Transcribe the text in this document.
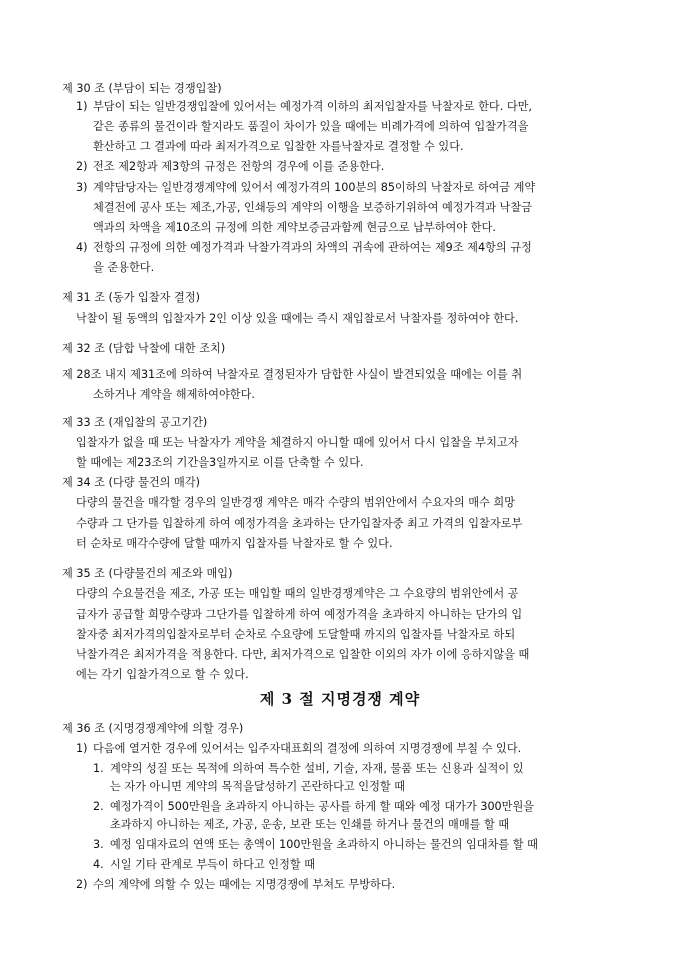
제 30 조 (부담이 되는 경쟁입찰)
1) 부담이 되는 일반경쟁입찰에 있어서는 예정가격 이하의 최저입찰자를 낙찰자로 한다. 다만,
같은 종류의 물건이라 할지라도 품질이 차이가 있을 때에는 비례가격에 의하여 입찰가격을
환산하고 그 결과에 따라 최저가격으로 입찰한 자를낙찰자로 결정할 수 있다.
2) 전조 제2항과 제3항의 규정은 전항의 경우에 이를 준용한다.
3) 계약담당자는 일반경쟁계약에 있어서 예정가격의 100분의 85이하의 낙찰자로 하여금 계약
체결전에 공사 또는 제조,가공, 인쇄등의 계약의 이행을 보증하기위하여 예정가격과 낙찰금
액과의 차액을 제10조의 규정에 의한 계약보증금과함께 현금으로 납부하여야 한다.
4) 전항의 규정에 의한 예정가격과 낙찰가격과의 차액의 귀속에 관하여는 제9조 제4항의 규정
을 준용한다.
제 31 조 (동가 입찰자 결정)
낙찰이 될 동액의 입찰자가 2인 이상 있을 때에는 즉시 재입찰로서 낙찰자를 정하여야 한다.
제 32 조 (담합 낙찰에 대한 조치)
제 28조 내지 제31조에 의하여 낙찰자로 결정된자가 담합한 사실이 발견되었을 때에는 이를 취
소하거나 계약을 해제하여야한다.
제 33 조 (재입찰의 공고기간)
입찰자가 없을 때 또는 낙찰자가 계약을 체결하지 아니할 때에 있어서 다시 입찰을 부치고자
할 때에는 제23조의 기간을3일까지로 이를 단축할 수 있다.
제 34 조 (다량 물건의 매각)
다량의 물건을 매각할 경우의 일반경쟁 계약은 매각 수량의 범위안에서 수요자의 매수 희망
수량과 그 단가를 입찰하게 하여 예정가격을 초과하는 단가입찰자중 최고 가격의 입찰자로부
터 순차로 매각수량에 달할 때까지 입찰자를 낙찰자로 할 수 있다.
제 35 조 (다량물건의 제조와 매입)
다량의 수요물건을 제조, 가공 또는 매입할 때의 일반경쟁계약은 그 수요량의 범위안에서 공
급자가 공급할 희망수량과 그단가를 입찰하게 하여 예정가격을 초과하지 아니하는 단가의 입
찰자중 최저가격의입찰자로부터 순차로 수요량에 도달할때 까지의 입찰자를 낙찰자로 하되
낙찰가격은 최저가격을 적용한다. 다만, 최저가격으로 입찰한 이외의 자가 이에 응하지않을 때
에는 각기 입찰가격으로 할 수 있다.
제 3 절 지명경쟁 계약
제 36 조 (지명경쟁계약에 의할 경우)
1) 다음에 열거한 경우에 있어서는 입주자대표회의 결정에 의하여 지명경쟁에 부칠 수 있다.
1. 계약의 성질 또는 목적에 의하여 특수한 설비, 기술, 자재, 물품 또는 신용과 실적이 있
는 자가 아니면 계약의 목적을달성하기 곤란하다고 인정할 때
2. 예정가격이 500만원을 초과하지 아니하는 공사를 하게 할 때와 예정 대가가 300만원을
초과하지 아니하는 제조, 가공, 운송, 보관 또는 인쇄를 하거나 물건의 매매를 할 때
3. 예정 임대자료의 연액 또는 총액이 100만원을 초과하지 아니하는 물건의 임대차를 할 때
4. 시일 기타 관계로 부득이 하다고 인정할 때
2) 수의 계약에 의할 수 있는 때에는 지명경쟁에 부쳐도 무방하다.
